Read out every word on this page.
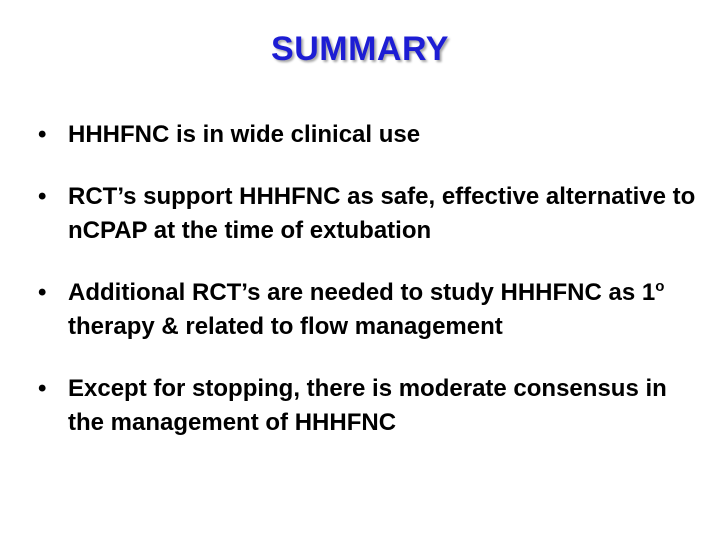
SUMMARY
• HHHFNC is in wide clinical use
• RCT’s support HHHFNC as safe, effective alternative to nCPAP at the time of extubation
• Additional RCT’s are needed to study HHHFNC as 1$^o$ therapy & related to flow management
• Except for stopping, there is moderate consensus in the management of HHHFNC
